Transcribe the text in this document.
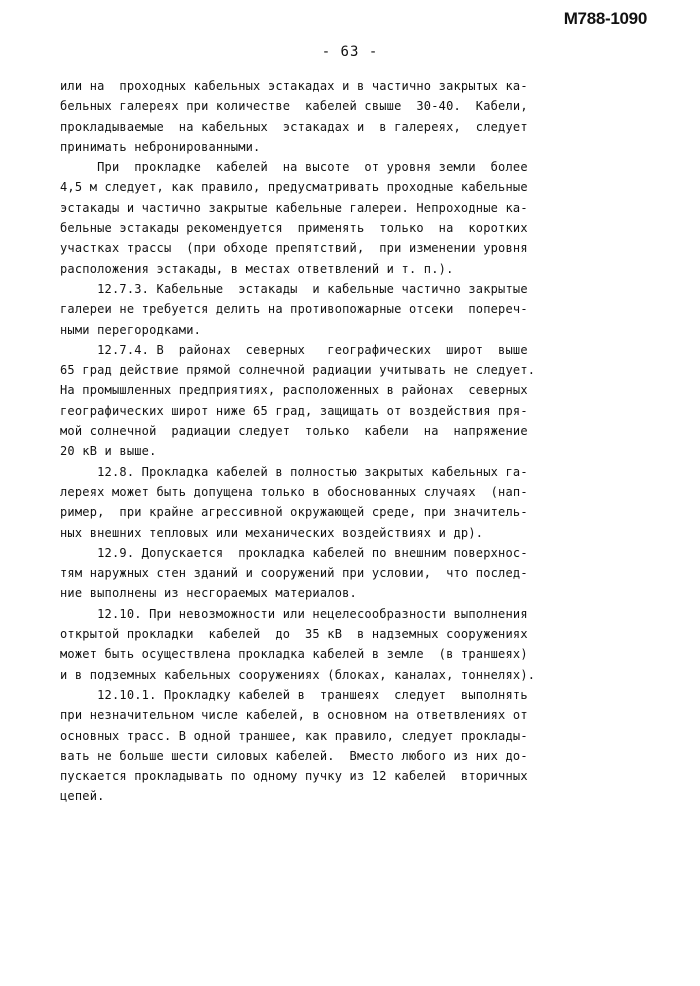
М788-1090
- 63 -
или на  проходных кабельных эстакадах и в частично закрытых ка-
бельных галереях при количестве  кабелей свыше  30-40.  Кабели,
прокладываемые  на кабельных  эстакадах и  в галереях,  следует
принимать небронированными.
При  прокладке  кабелей  на высоте  от уровня земли  более
4,5 м следует, как правило, предусматривать проходные кабельные
эстакады и частично закрытые кабельные галереи. Непроходные ка-
бельные эстакады рекомендуется  применять  только  на  коротких
участках трассы  (при обходе препятствий,  при изменении уровня
расположения эстакады, в местах ответвлений и т. п.).
12.7.3. Кабельные  эстакады  и кабельные частично закрытые
галереи не требуется делить на противопожарные отсеки  попереч-
ными перегородками.
12.7.4. В  районах  северных   географических  широт  выше
65 град действие прямой солнечной радиации учитывать не следует.
На промышленных предприятиях, расположенных в районах  северных
географических широт ниже 65 град, защищать от воздействия пря-
мой солнечной  радиации следует  только  кабели  на  напряжение
20 кВ и выше.
12.8. Прокладка кабелей в полностью закрытых кабельных га-
лереях может быть допущена только в обоснованных случаях  (нап-
ример,  при крайне агрессивной окружающей среде, при значитель-
ных внешних тепловых или механических воздействиях и др).
12.9. Допускается  прокладка кабелей по внешним поверхнос-
тям наружных стен зданий и сооружений при условии,  что послед-
ние выполнены из несгораемых материалов.
12.10. При невозможности или нецелесообразности выполнения
открытой прокладки  кабелей  до  35 кВ  в надземных сооружениях
может быть осуществлена прокладка кабелей в земле  (в траншеях)
и в подземных кабельных сооружениях (блоках, каналах, тоннелях).
12.10.1. Прокладку кабелей в  траншеях  следует  выполнять
при незначительном числе кабелей, в основном на ответвлениях от
основных трасс. В одной траншее, как правило, следует проклады-
вать не больше шести силовых кабелей.  Вместо любого из них до-
пускается прокладывать по одному пучку из 12 кабелей  вторичных
цепей.
